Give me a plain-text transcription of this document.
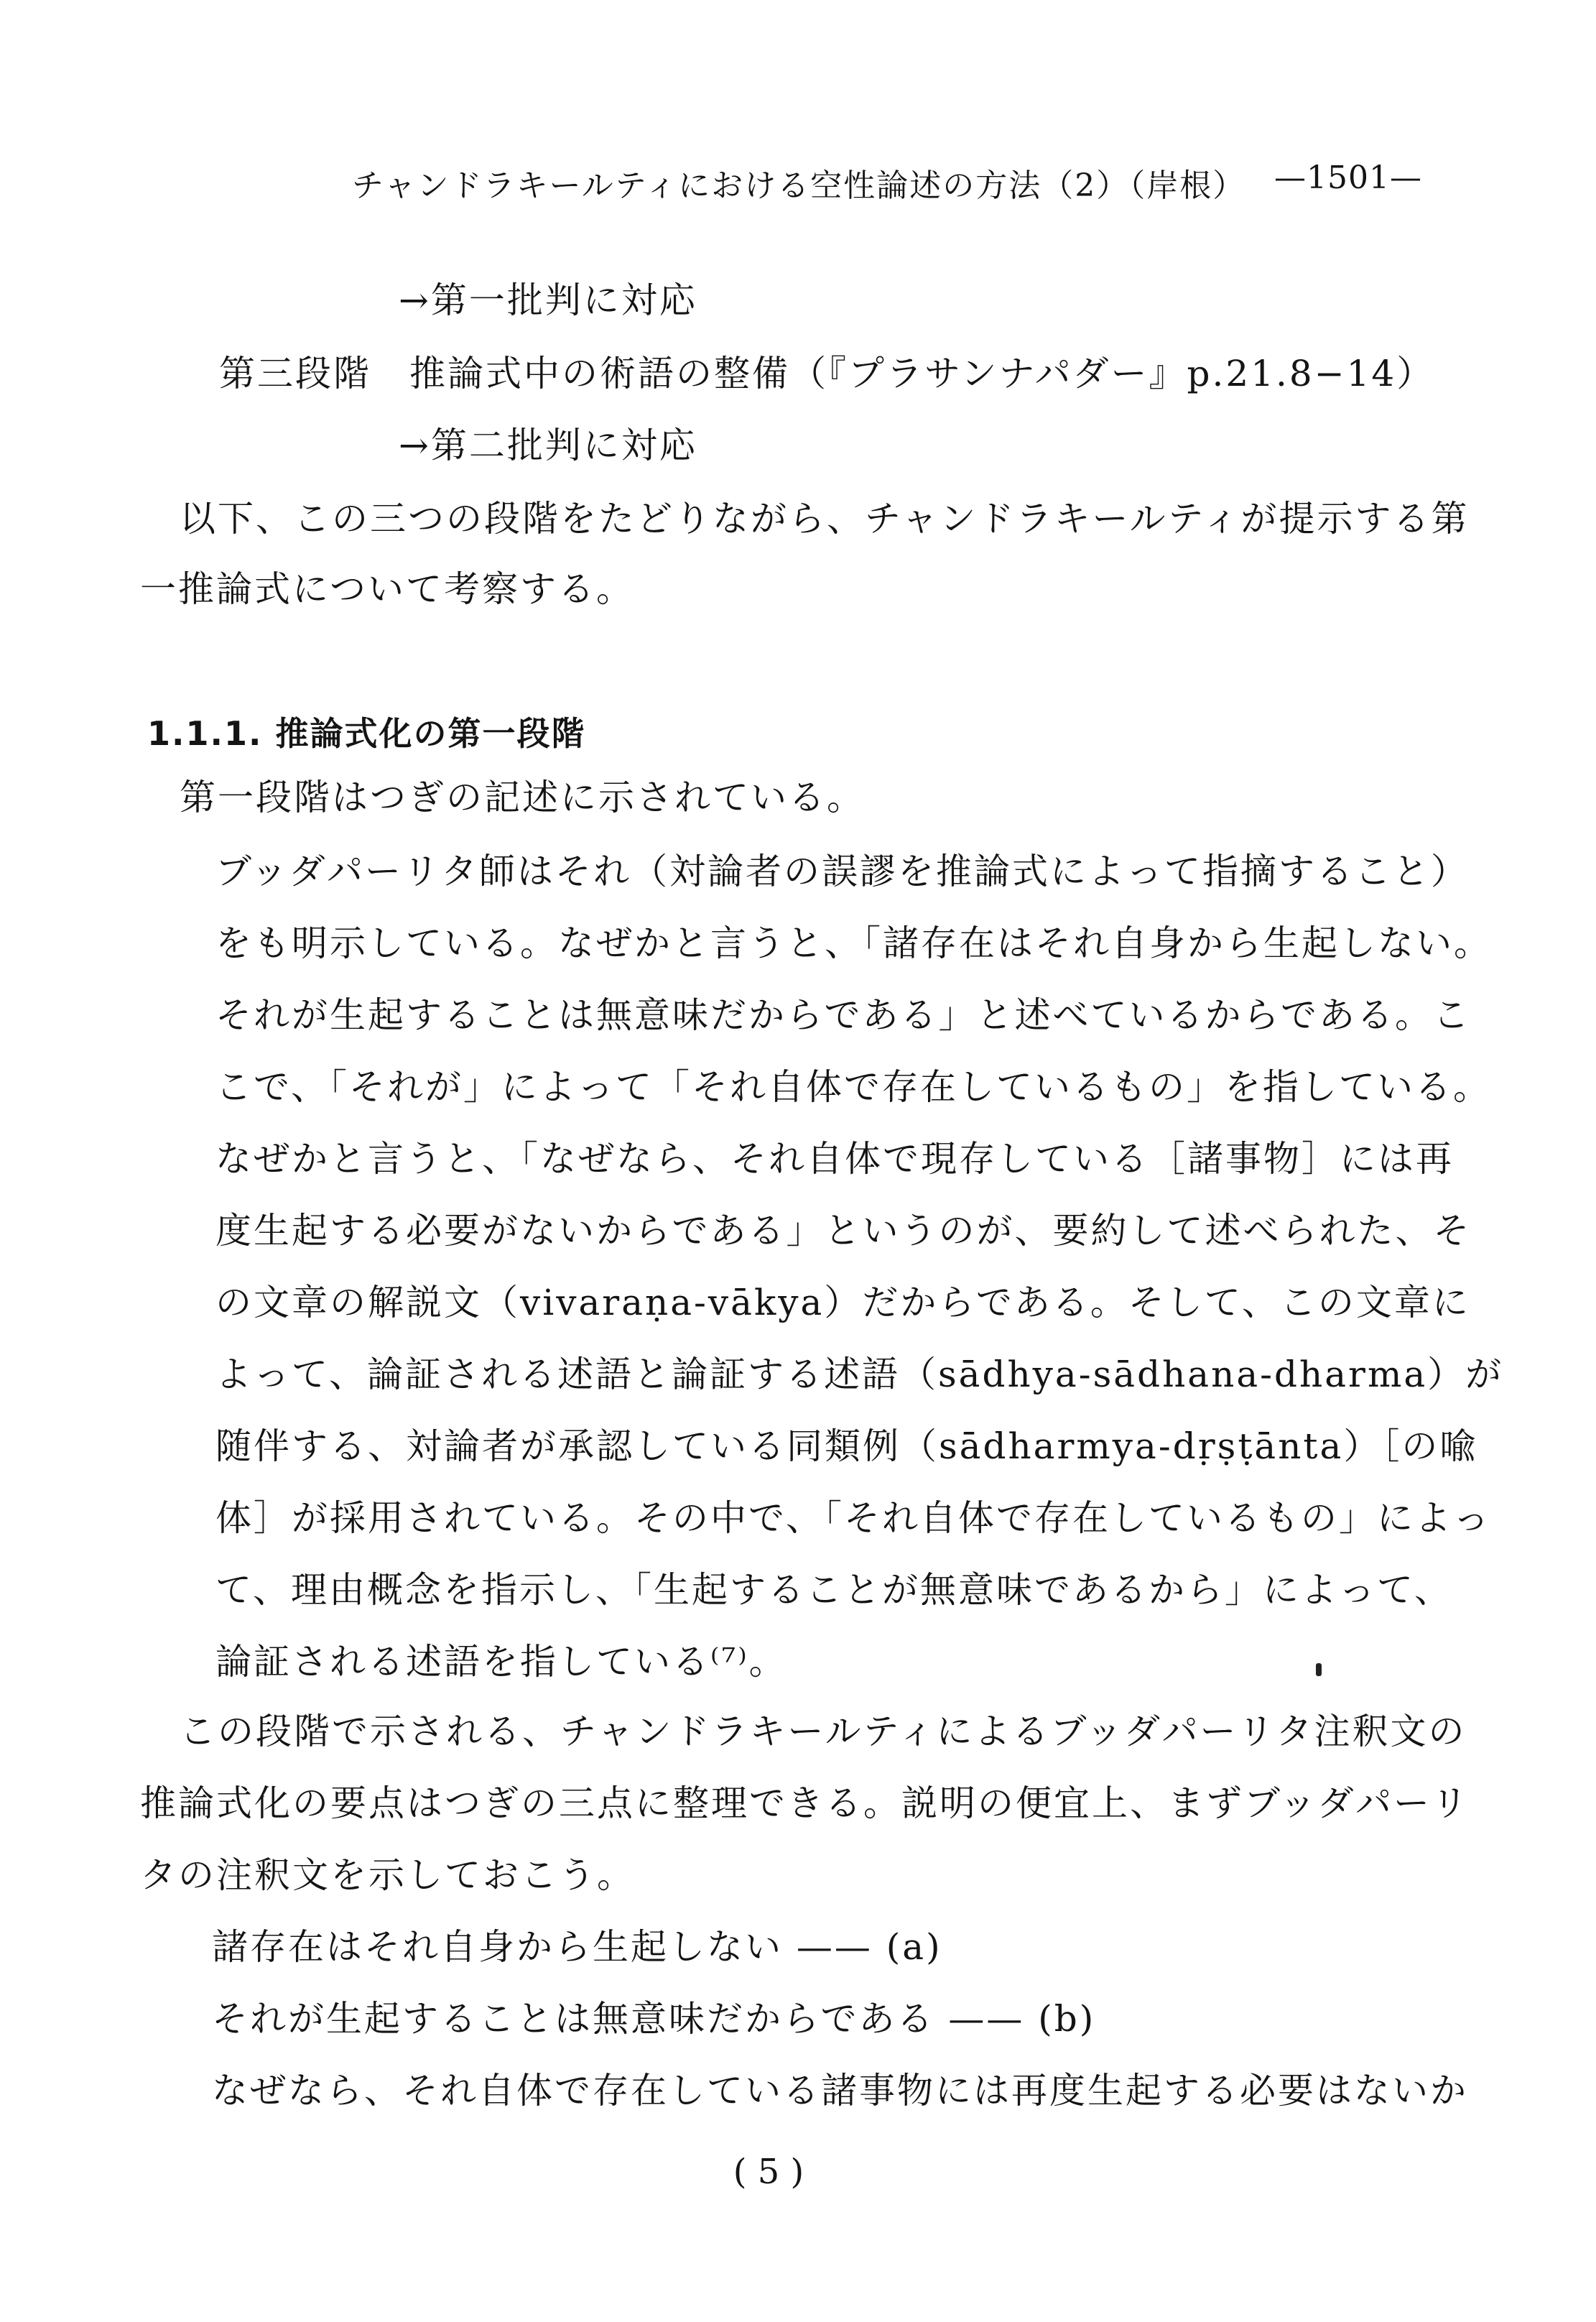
チャンドラキールティにおける空性論述の方法（2）（岸根） —1501—
→第一批判に対応
第三段階　推論式中の術語の整備（『プラサンナパダー』p.21.8−14）
→第二批判に対応
以下、この三つの段階をたどりながら、チャンドラキールティが提示する第
一推論式について考察する。
1.1.1. 推論式化の第一段階
第一段階はつぎの記述に示されている。
ブッダパーリタ師はそれ（対論者の誤謬を推論式によって指摘すること）
をも明示している。なぜかと言うと、「諸存在はそれ自身から生起しない。
それが生起することは無意味だからである」と述べているからである。こ
こで、「それが」によって「それ自体で存在しているもの」を指している。
なぜかと言うと、「なぜなら、それ自体で現存している［諸事物］には再
度生起する必要がないからである」というのが、要約して述べられた、そ
の文章の解説文（vivaraṇa-vākya）だからである。そして、この文章に
よって、論証される述語と論証する述語（sādhya-sādhana-dharma）が
随伴する、対論者が承認している同類例（sādharmya-dṛṣṭānta）［の喩
体］が採用されている。その中で、「それ自体で存在しているもの」によっ
て、理由概念を指示し、「生起することが無意味であるから」によって、
論証される述語を指している⁽⁷⁾。
この段階で示される、チャンドラキールティによるブッダパーリタ注釈文の
推論式化の要点はつぎの三点に整理できる。説明の便宜上、まずブッダパーリ
タの注釈文を示しておこう。
諸存在はそれ自身から生起しない —— (a)
それが生起することは無意味だからである —— (b)
なぜなら、それ自体で存在している諸事物には再度生起する必要はないか
( 5 )
